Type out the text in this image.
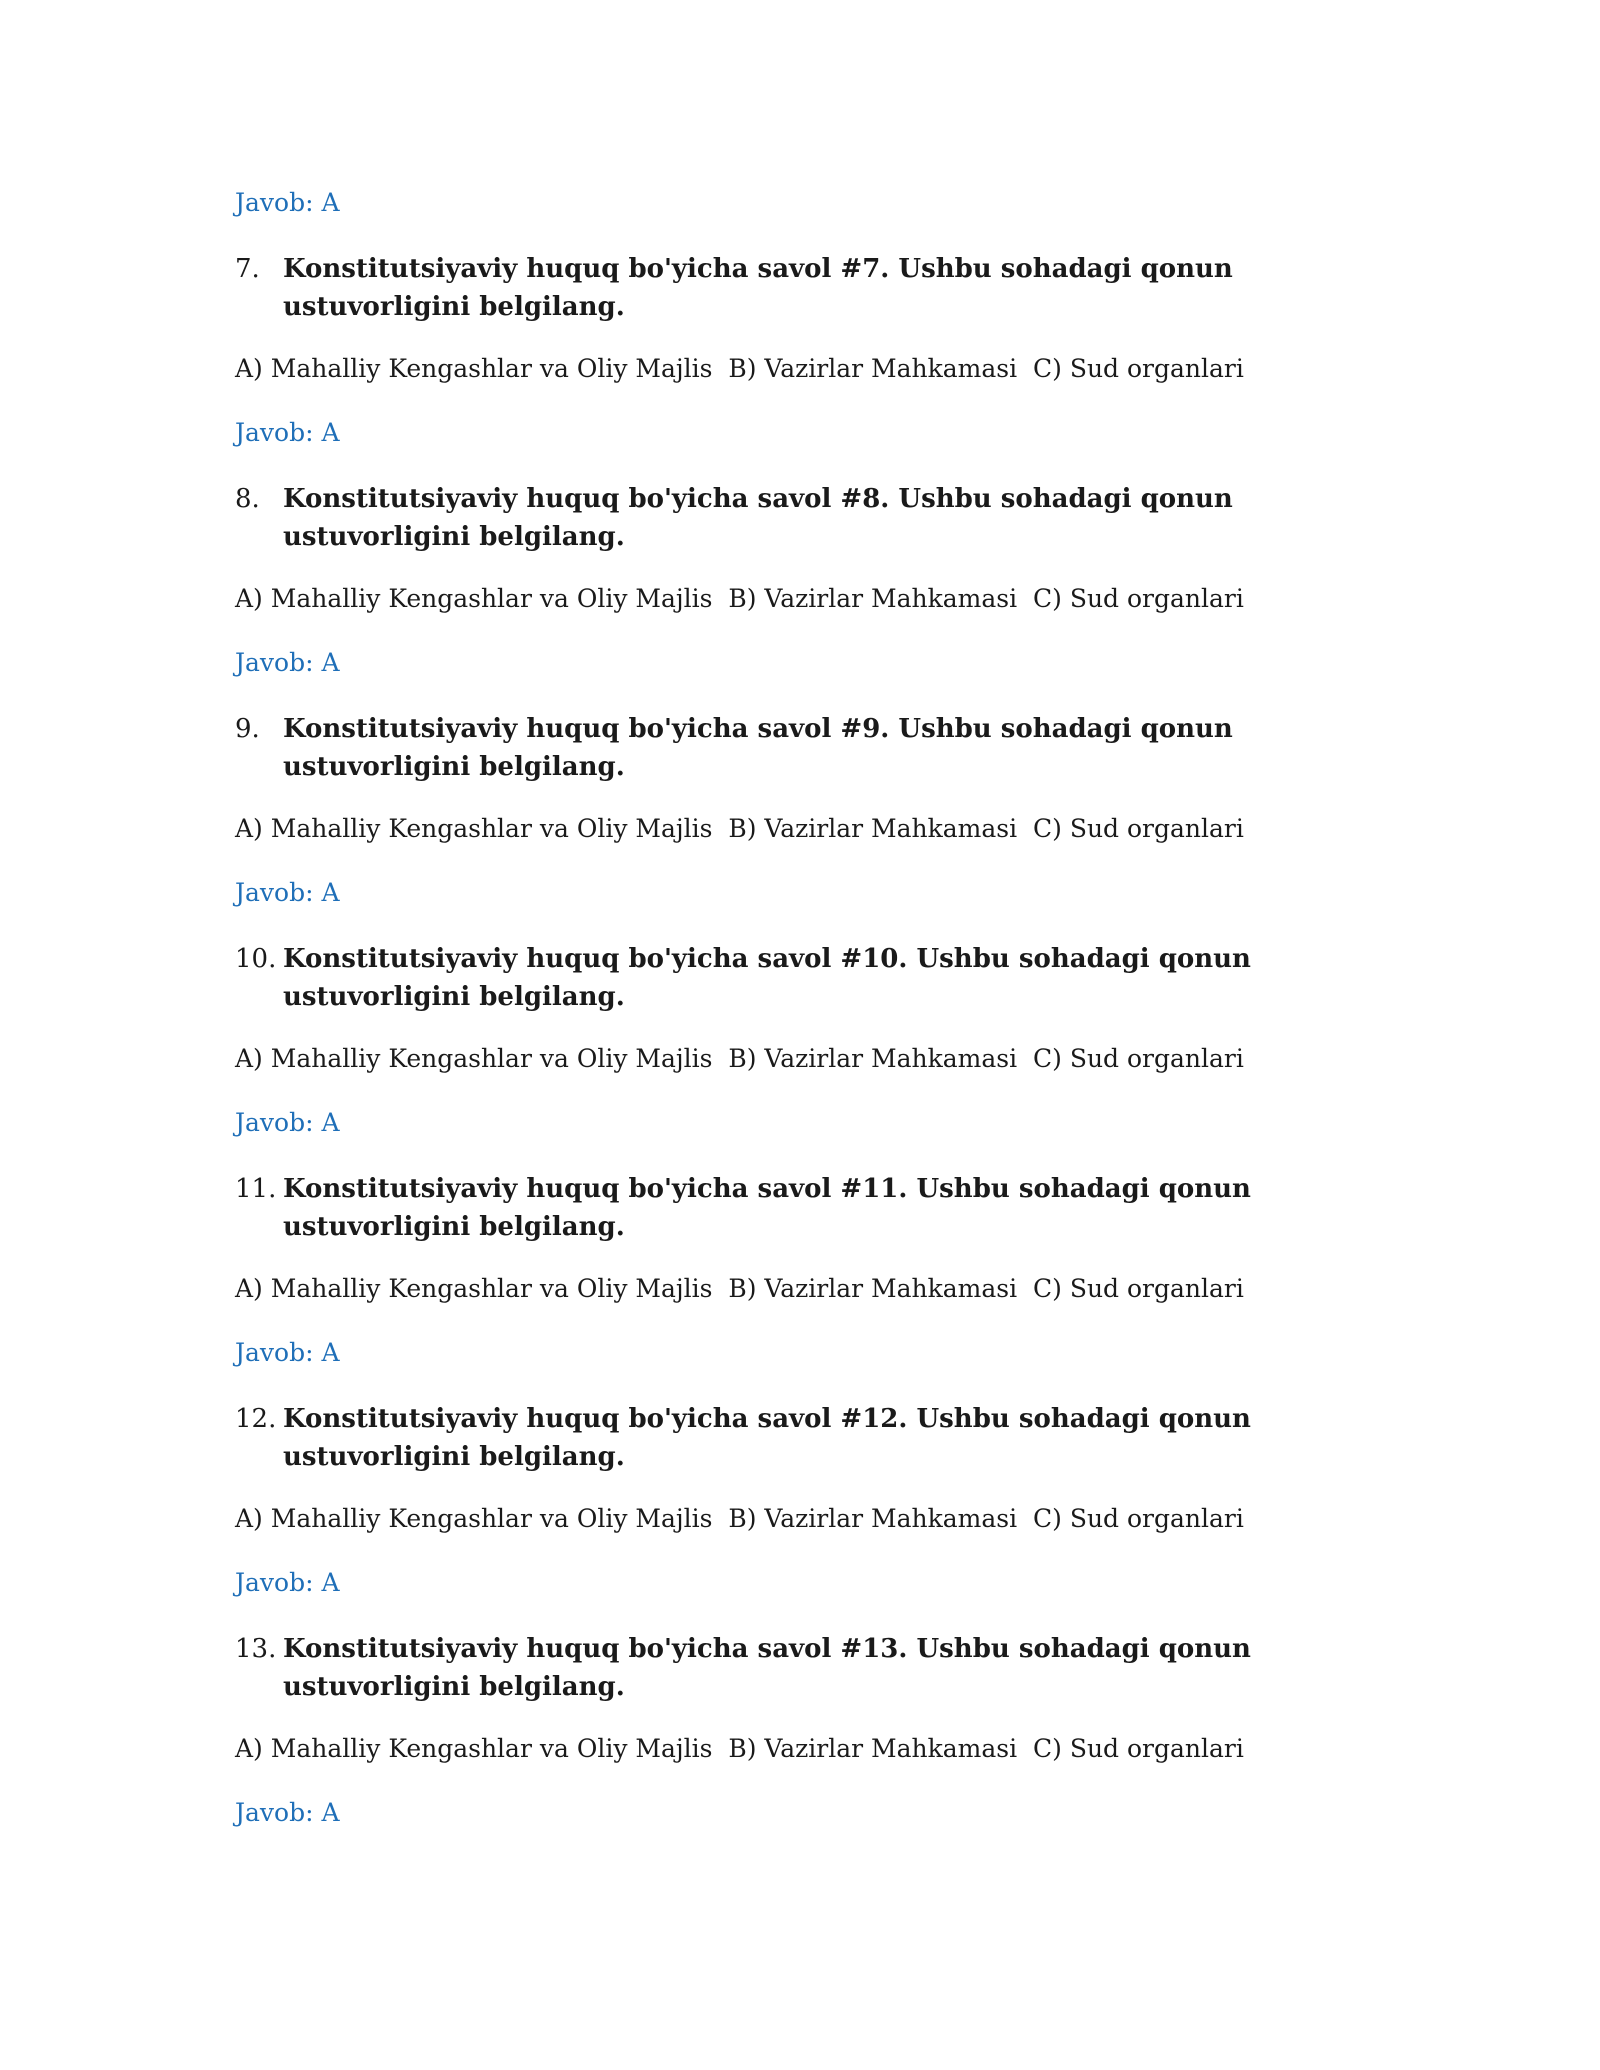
Javob: A

7. Konstitutsiyaviy huquq bo'yicha savol #7. Ushbu sohadagi qonun ustuvorligini belgilang.
A) Mahalliy Kengashlar va Oliy Majlis  B) Vazirlar Mahkamasi  C) Sud organlari

Javob: A

8. Konstitutsiyaviy huquq bo'yicha savol #8. Ushbu sohadagi qonun ustuvorligini belgilang.
A) Mahalliy Kengashlar va Oliy Majlis  B) Vazirlar Mahkamasi  C) Sud organlari

Javob: A

9. Konstitutsiyaviy huquq bo'yicha savol #9. Ushbu sohadagi qonun ustuvorligini belgilang.
A) Mahalliy Kengashlar va Oliy Majlis  B) Vazirlar Mahkamasi  C) Sud organlari

Javob: A

10. Konstitutsiyaviy huquq bo'yicha savol #10. Ushbu sohadagi qonun ustuvorligini belgilang.
A) Mahalliy Kengashlar va Oliy Majlis  B) Vazirlar Mahkamasi  C) Sud organlari

Javob: A

11. Konstitutsiyaviy huquq bo'yicha savol #11. Ushbu sohadagi qonun ustuvorligini belgilang.
A) Mahalliy Kengashlar va Oliy Majlis  B) Vazirlar Mahkamasi  C) Sud organlari

Javob: A

12. Konstitutsiyaviy huquq bo'yicha savol #12. Ushbu sohadagi qonun ustuvorligini belgilang.
A) Mahalliy Kengashlar va Oliy Majlis  B) Vazirlar Mahkamasi  C) Sud organlari

Javob: A

13. Konstitutsiyaviy huquq bo'yicha savol #13. Ushbu sohadagi qonun ustuvorligini belgilang.
A) Mahalliy Kengashlar va Oliy Majlis  B) Vazirlar Mahkamasi  C) Sud organlari

Javob: A
